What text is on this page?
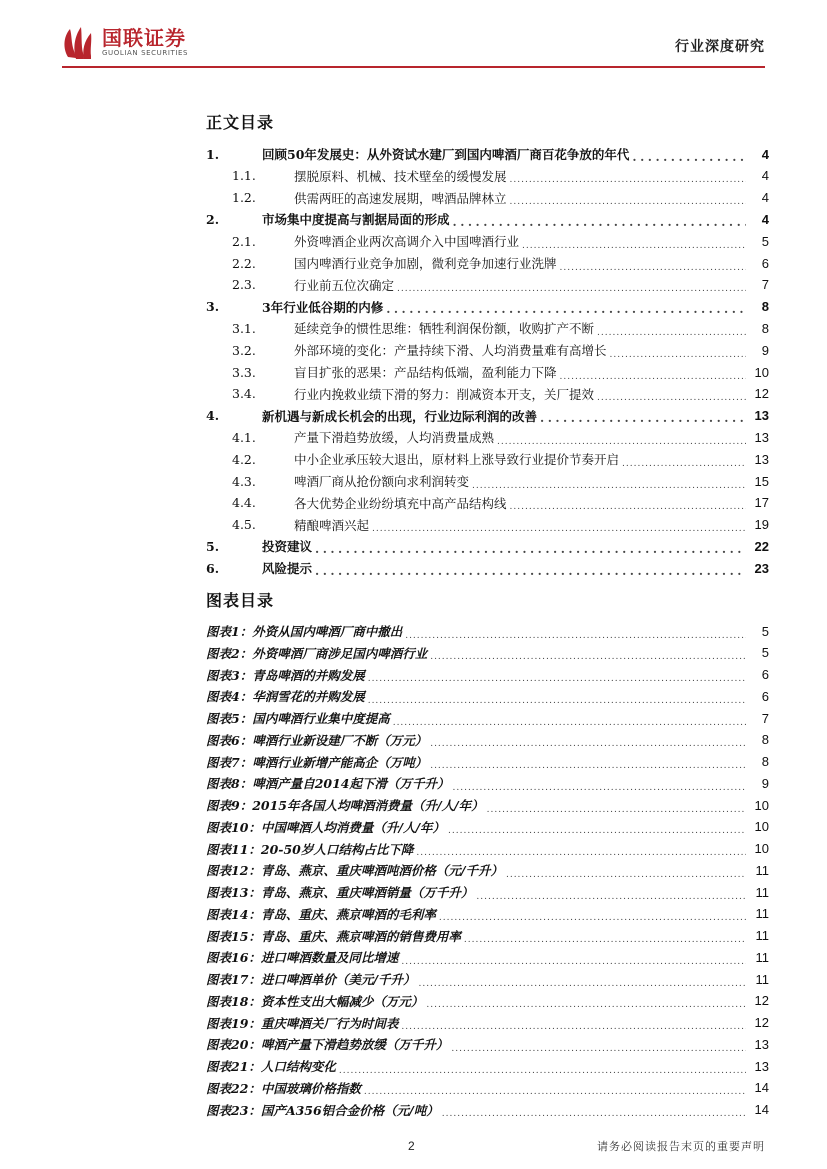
国联证券
GUOLIAN SECURITIES	行业深度研究
正文目录
1.	回顾50年发展史：从外资试水建厂到国内啤酒厂商百花争放的年代 .....	4
1.1.	摆脱原料、机械、技术壁垒的缓慢发展 .....	4
1.2.	供需两旺的高速发展期，啤酒品牌林立 .....	4
2.	市场集中度提高与割据局面的形成 .....	4
2.1.	外资啤酒企业两次高调介入中国啤酒行业 .....	5
2.2.	国内啤酒行业竞争加剧，微利竞争加速行业洗牌 .....	6
2.3.	行业前五位次确定 .....	7
3.	3年行业低谷期的内修 .....	8
3.1.	延续竞争的惯性思维：牺牲利润保份额，收购扩产不断 .....	8
3.2.	外部环境的变化：产量持续下滑、人均消费量难有高增长 .....	9
3.3.	盲目扩张的恶果：产品结构低端，盈利能力下降 .....	10
3.4.	行业内挽救业绩下滑的努力：削减资本开支，关厂提效 .....	12
4.	新机遇与新成长机会的出现，行业边际利润的改善 .....	13
4.1.	产量下滑趋势放缓，人均消费量成熟 .....	13
4.2.	中小企业承压较大退出，原材料上涨导致行业提价节奏开启 .....	13
4.3.	啤酒厂商从抢份额向求利润转变 .....	15
4.4.	各大优势企业纷纷填充中高产品结构线 .....	17
4.5.	精酿啤酒兴起 .....	19
5.	投资建议 .....	22
6.	风险提示 .....	23
图表目录
图表1：外资从国内啤酒厂商中撤出 .....	5
图表2：外资啤酒厂商涉足国内啤酒行业 .....	5
图表3：青岛啤酒的并购发展 .....	6
图表4：华润雪花的并购发展 .....	6
图表5：国内啤酒行业集中度提高 .....	7
图表6：啤酒行业新设建厂不断（万元） .....	8
图表7：啤酒行业新增产能高企（万吨） .....	8
图表8：啤酒产量自2014起下滑（万千升） .....	9
图表9：2015年各国人均啤酒消费量（升/人/年） .....	10
图表10：中国啤酒人均消费量（升/人/年） .....	10
图表11：20-50岁人口结构占比下降 .....	10
图表12：青岛、燕京、重庆啤酒吨酒价格（元/千升） .....	11
图表13：青岛、燕京、重庆啤酒销量（万千升） .....	11
图表14：青岛、重庆、燕京啤酒的毛利率 .....	11
图表15：青岛、重庆、燕京啤酒的销售费用率 .....	11
图表16：进口啤酒数量及同比增速 .....	11
图表17：进口啤酒单价（美元/千升） .....	11
图表18：资本性支出大幅减少（万元） .....	12
图表19：重庆啤酒关厂行为时间表 .....	12
图表20：啤酒产量下滑趋势放缓（万千升） .....	13
图表21：人口结构变化 .....	13
图表22：中国玻璃价格指数 .....	14
图表23：国产A356铝合金价格（元/吨） .....	14
2	请务必阅读报告末页的重要声明
